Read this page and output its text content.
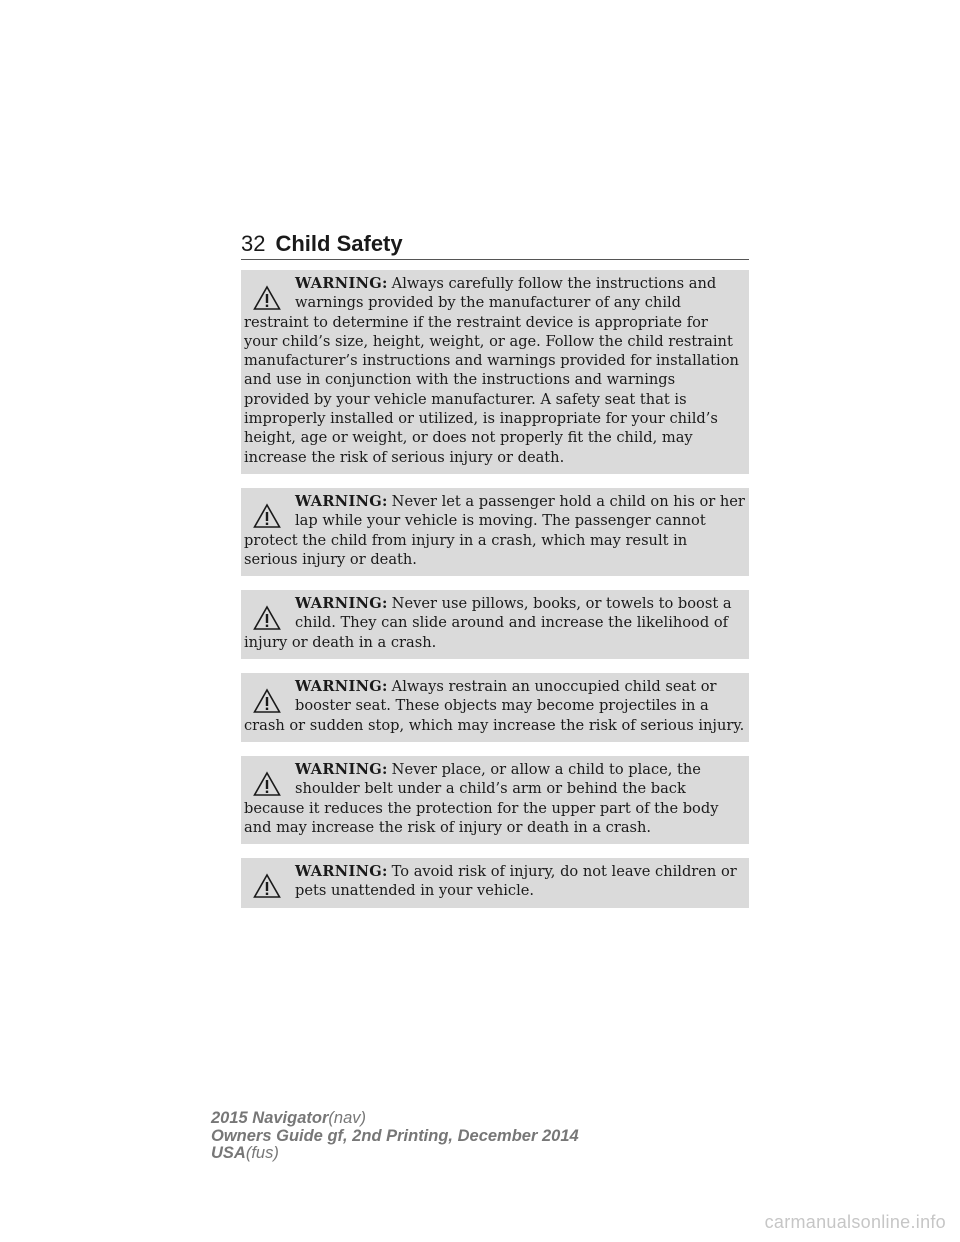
32 Child Safety
WARNING: Always carefully follow the instructions and warnings provided by the manufacturer of any child restraint to determine if the restraint device is appropriate for your child’s size, height, weight, or age. Follow the child restraint manufacturer’s instructions and warnings provided for installation and use in conjunction with the instructions and warnings provided by your vehicle manufacturer. A safety seat that is improperly installed or utilized, is inappropriate for your child’s height, age or weight, or does not properly fit the child, may increase the risk of serious injury or death.
WARNING: Never let a passenger hold a child on his or her lap while your vehicle is moving. The passenger cannot protect the child from injury in a crash, which may result in serious injury or death.
WARNING: Never use pillows, books, or towels to boost a child. They can slide around and increase the likelihood of injury or death in a crash.
WARNING: Always restrain an unoccupied child seat or booster seat. These objects may become projectiles in a crash or sudden stop, which may increase the risk of serious injury.
WARNING: Never place, or allow a child to place, the shoulder belt under a child’s arm or behind the back because it reduces the protection for the upper part of the body and may increase the risk of injury or death in a crash.
WARNING: To avoid risk of injury, do not leave children or pets unattended in your vehicle.
2015 Navigator(nav)
Owners Guide gf, 2nd Printing, December 2014
USA(fus)
carmanualsonline.info
